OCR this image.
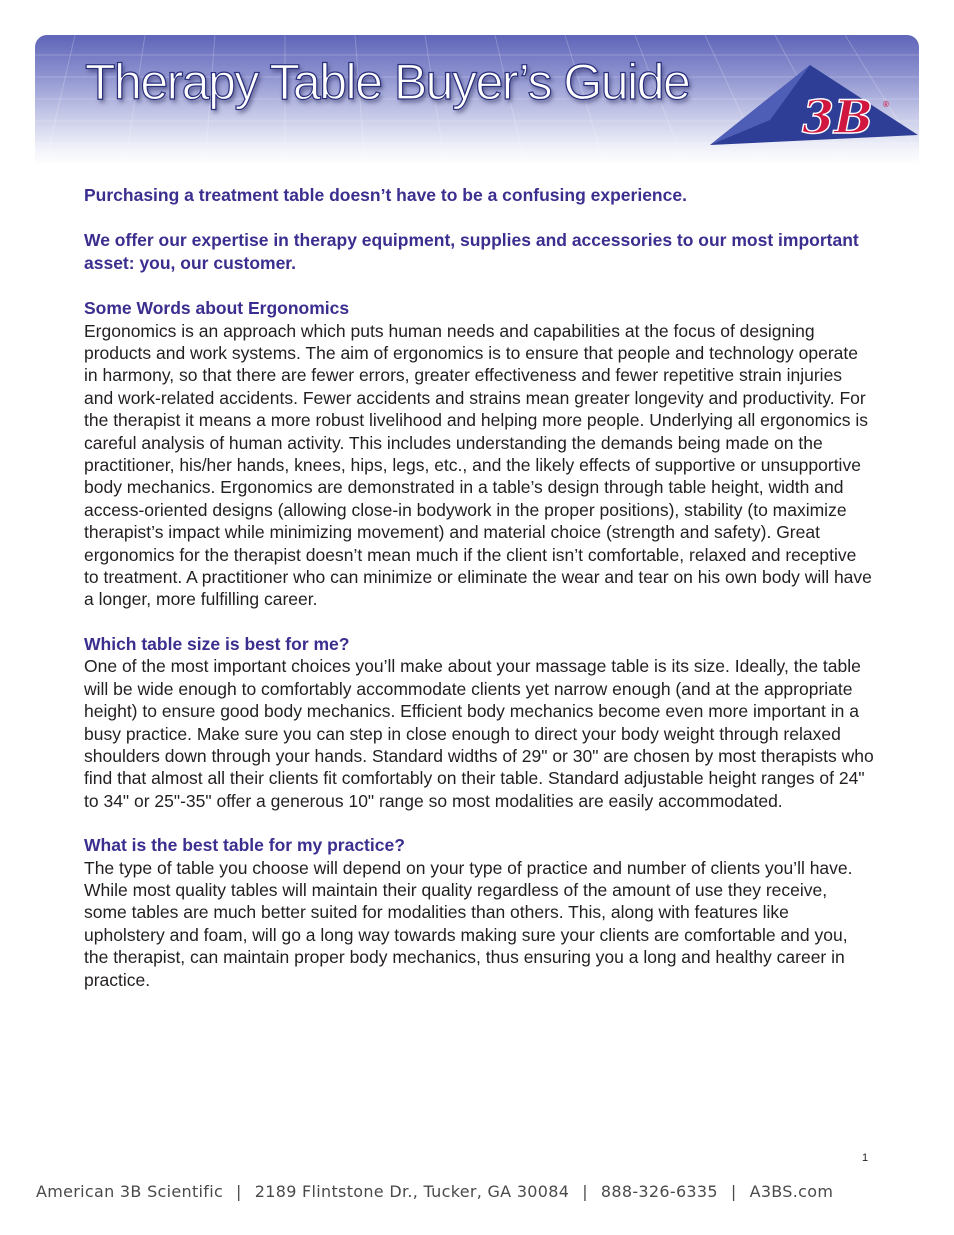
Therapy Table Buyer’s Guide
3B ®

Purchasing a treatment table doesn’t have to be a confusing experience.

We offer our expertise in therapy equipment, supplies and accessories to our most important asset: you, our customer.

Some Words about Ergonomics

Ergonomics is an approach which puts human needs and capabilities at the focus of designing products and work systems. The aim of ergonomics is to ensure that people and technology operate in harmony, so that there are fewer errors, greater effectiveness and fewer repetitive strain injuries and work-related accidents. Fewer accidents and strains mean greater longevity and productivity. For the therapist it means a more robust livelihood and helping more people. Underlying all ergonomics is careful analysis of human activity. This includes understanding the demands being made on the practitioner, his/her hands, knees, hips, legs, etc., and the likely effects of supportive or unsupportive body mechanics. Ergonomics are demonstrated in a table’s design through table height, width and access-oriented designs (allowing close-in bodywork in the proper positions), stability (to maximize therapist’s impact while minimizing movement) and material choice (strength and safety). Great ergonomics for the therapist doesn’t mean much if the client isn’t comfortable, relaxed and receptive to treatment. A practitioner who can minimize or eliminate the wear and tear on his own body will have a longer, more fulfilling career.

Which table size is best for me?

One of the most important choices you’ll make about your massage table is its size. Ideally, the table will be wide enough to comfortably accommodate clients yet narrow enough (and at the appropriate height) to ensure good body mechanics. Efficient body mechanics become even more important in a busy practice. Make sure you can step in close enough to direct your body weight through relaxed shoulders down through your hands. Standard widths of 29" or 30" are chosen by most therapists who find that almost all their clients fit comfortably on their table. Standard adjustable height ranges of 24" to 34" or 25"-35" offer a generous 10" range so most modalities are easily accommodated.

What is the best table for my practice?

The type of table you choose will depend on your type of practice and number of clients you’ll have. While most quality tables will maintain their quality regardless of the amount of use they receive, some tables are much better suited for modalities than others. This, along with features like upholstery and foam, will go a long way towards making sure your clients are comfortable and you, the therapist, can maintain proper body mechanics, thus ensuring you a long and healthy career in practice.

1
American 3B Scientific | 2189 Flintstone Dr., Tucker, GA 30084 | 888-326-6335 | A3BS.com
